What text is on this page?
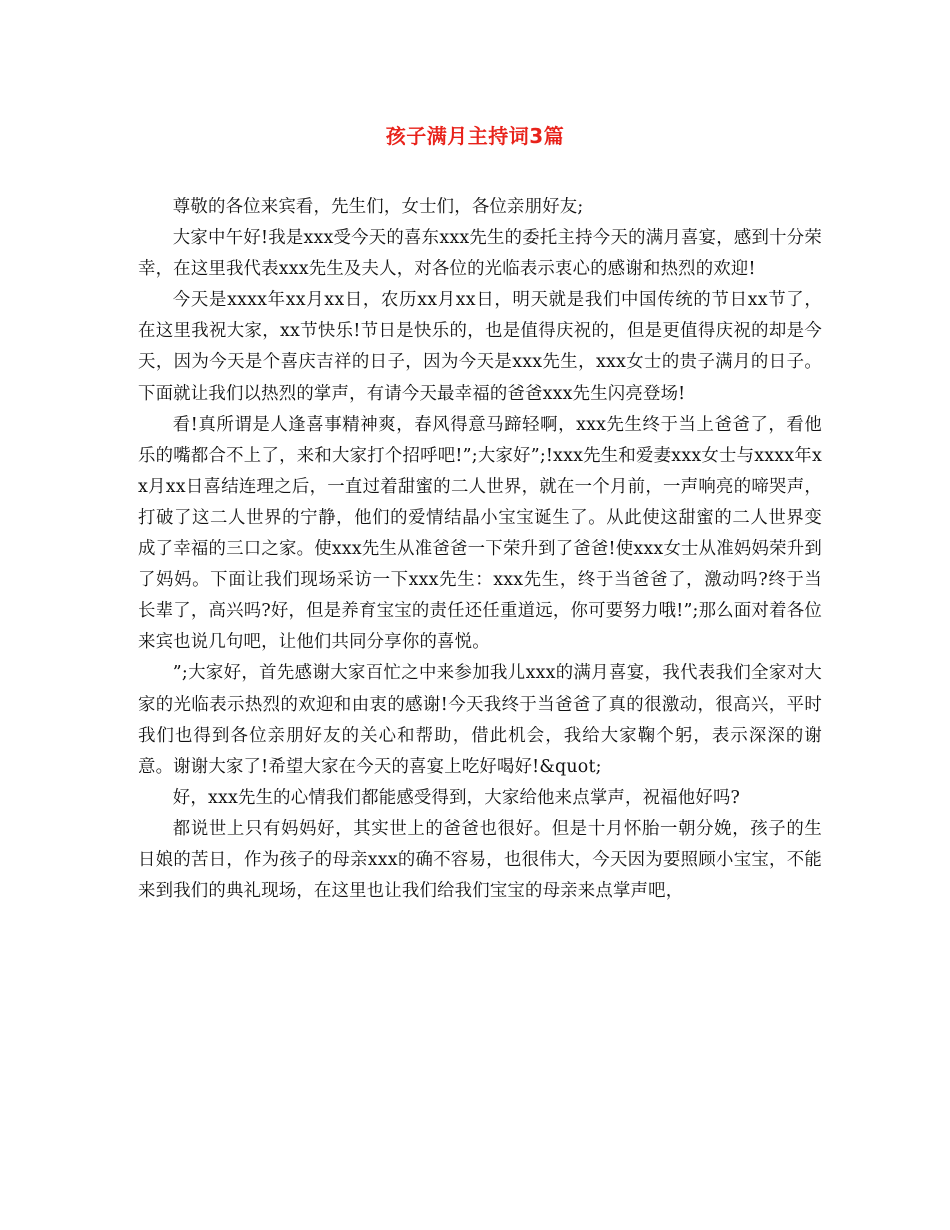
孩子满月主持词3篇

尊敬的各位来宾看，先生们，女士们，各位亲朋好友;

大家中午好!我是xxx受今天的喜东xxx先生的委托主持今天的满月喜宴，感到十分荣幸，在这里我代表xxx先生及夫人，对各位的光临表示衷心的感谢和热烈的欢迎!

今天是xxxx年xx月xx日，农历xx月xx日，明天就是我们中国传统的节日xx节了，在这里我祝大家，xx节快乐!节日是快乐的，也是值得庆祝的，但是更值得庆祝的却是今天，因为今天是个喜庆吉祥的日子，因为今天是xxx先生，xxx女士的贵子满月的日子。下面就让我们以热烈的掌声，有请今天最幸福的爸爸xxx先生闪亮登场!

看!真所谓是人逢喜事精神爽，春风得意马蹄轻啊，xxx先生终于当上爸爸了，看他乐的嘴都合不上了，来和大家打个招呼吧!”;大家好”;!xxx先生和爱妻xxx女士与xxxx年xx月xx日喜结连理之后，一直过着甜蜜的二人世界，就在一个月前，一声响亮的啼哭声，打破了这二人世界的宁静，他们的爱情结晶小宝宝诞生了。从此使这甜蜜的二人世界变成了幸福的三口之家。使xxx先生从准爸爸一下荣升到了爸爸!使xxx女士从准妈妈荣升到了妈妈。下面让我们现场采访一下xxx先生：xxx先生，终于当爸爸了，激动吗?终于当长辈了，高兴吗?好，但是养育宝宝的责任还任重道远，你可要努力哦!”;那么面对着各位来宾也说几句吧，让他们共同分享你的喜悦。

”;大家好，首先感谢大家百忙之中来参加我儿xxx的满月喜宴，我代表我们全家对大家的光临表示热烈的欢迎和由衷的感谢!今天我终于当爸爸了真的很激动，很高兴，平时我们也得到各位亲朋好友的关心和帮助，借此机会，我给大家鞠个躬，表示深深的谢意。谢谢大家了!希望大家在今天的喜宴上吃好喝好!&quot;

好，xxx先生的心情我们都能感受得到，大家给他来点掌声，祝福他好吗?

都说世上只有妈妈好，其实世上的爸爸也很好。但是十月怀胎一朝分娩，孩子的生日娘的苦日，作为孩子的母亲xxx的确不容易，也很伟大，今天因为要照顾小宝宝，不能来到我们的典礼现场，在这里也让我们给我们宝宝的母亲来点掌声吧，
